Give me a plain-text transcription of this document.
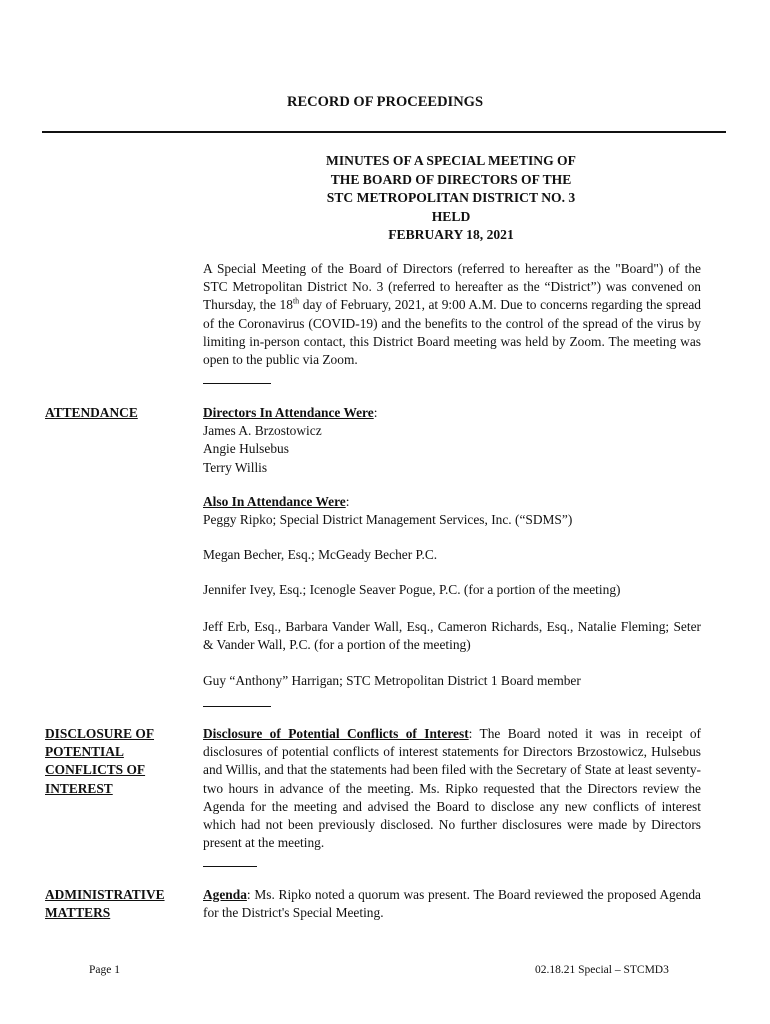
RECORD OF PROCEEDINGS
MINUTES OF A SPECIAL MEETING OF
THE BOARD OF DIRECTORS OF THE
STC METROPOLITAN DISTRICT NO. 3
HELD
FEBRUARY 18, 2021
A Special Meeting of the Board of Directors (referred to hereafter as the "Board") of the STC Metropolitan District No. 3 (referred to hereafter as the “District”) was convened on Thursday, the 18th day of February, 2021, at 9:00 A.M. Due to concerns regarding the spread of the Coronavirus (COVID-19) and the benefits to the control of the spread of the virus by limiting in-person contact, this District Board meeting was held by Zoom. The meeting was open to the public via Zoom.
ATTENDANCE	Directors In Attendance Were:
James A. Brzostowicz
Angie Hulsebus
Terry Willis
Also In Attendance Were:
Peggy Ripko; Special District Management Services, Inc. (“SDMS”)
Megan Becher, Esq.; McGeady Becher P.C.
Jennifer Ivey, Esq.; Icenogle Seaver Pogue, P.C. (for a portion of the meeting)
Jeff Erb, Esq., Barbara Vander Wall, Esq., Cameron Richards, Esq., Natalie Fleming; Seter & Vander Wall, P.C. (for a portion of the meeting)
Guy “Anthony” Harrigan; STC Metropolitan District 1 Board member
DISCLOSURE OF
POTENTIAL
CONFLICTS OF
INTEREST
Disclosure of Potential Conflicts of Interest: The Board noted it was in receipt of disclosures of potential conflicts of interest statements for Directors Brzostowicz, Hulsebus and Willis, and that the statements had been filed with the Secretary of State at least seventy-two hours in advance of the meeting. Ms. Ripko requested that the Directors review the Agenda for the meeting and advised the Board to disclose any new conflicts of interest which had not been previously disclosed. No further disclosures were made by Directors present at the meeting.
ADMINISTRATIVE
MATTERS
Agenda: Ms. Ripko noted a quorum was present. The Board reviewed the proposed Agenda for the District's Special Meeting.
Page 1	02.18.21 Special – STCMD3
